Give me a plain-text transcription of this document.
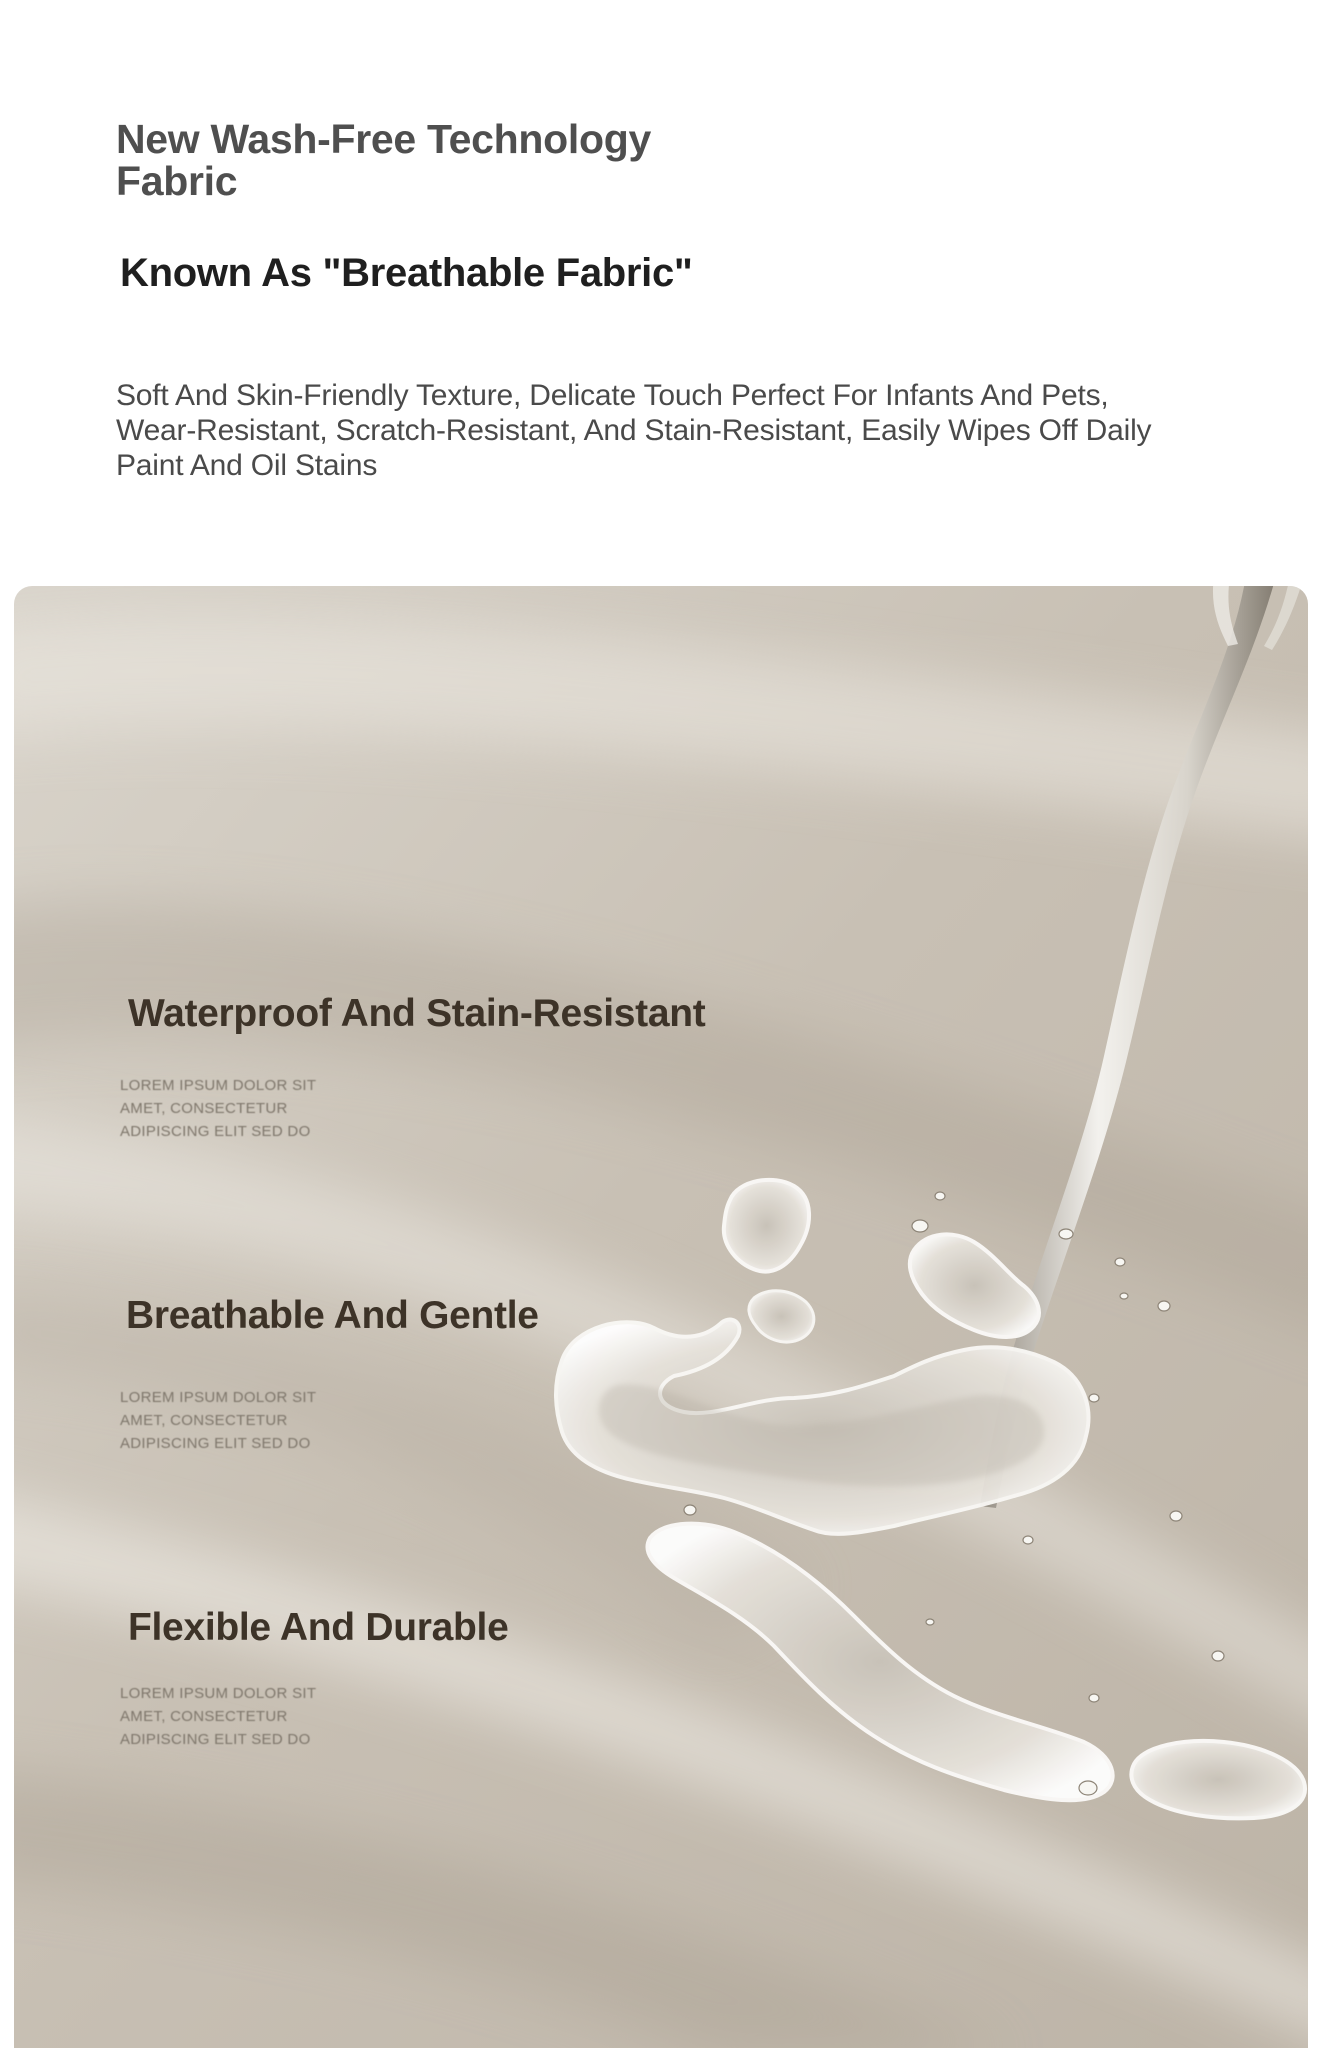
New Wash-Free Technology Fabric
Known As "Breathable Fabric"
Soft And Skin-Friendly Texture, Delicate Touch Perfect For Infants And Pets, Wear-Resistant, Scratch-Resistant, And Stain-Resistant, Easily Wipes Off Daily Paint And Oil Stains
Waterproof And Stain-Resistant
LOREM IPSUM DOLOR SIT AMET, CONSECTETUR ADIPISCING ELIT SED DO
Breathable And Gentle
LOREM IPSUM DOLOR SIT AMET, CONSECTETUR ADIPISCING ELIT SED DO
Flexible And Durable
LOREM IPSUM DOLOR SIT AMET, CONSECTETUR ADIPISCING ELIT SED DO
